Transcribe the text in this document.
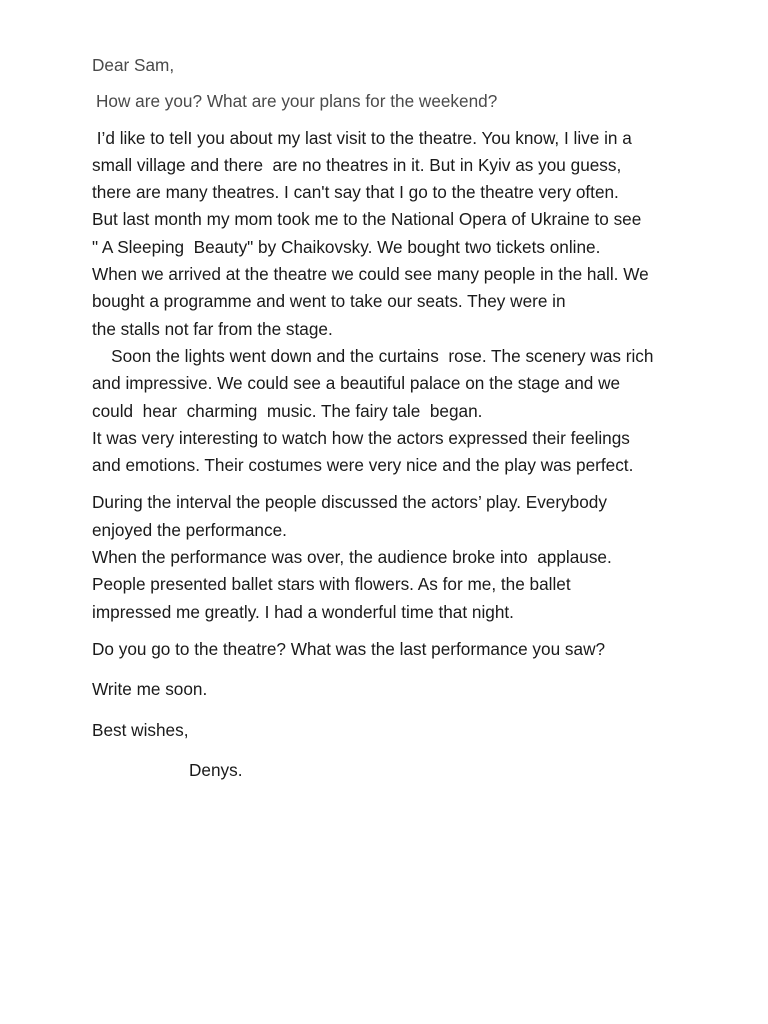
Dear Sam,

How are you? What are your plans for the weekend?

I’d like to telI you about my last visit to the theatre. You know, I live in a
small village and there  are no theatres in it. But in Kyiv as you guess,
there are many theatres. I can't say that I go to the theatre very often.
But last month my mom took me to the National Opera of Ukraine to see
" A Sleeping  Beauty" by Chaikovsky. We bought two tickets online.
When we arrived at the theatre we could see many people in the hall. We
bought a programme and went to take our seats. They were in
the stalls not far from the stage.
Soon the lights went down and the curtains  rose. The scenery was rich
and impressive. We could see a beautiful palace on the stage and we
could  hear  charming  music. The fairy tale  began.
It was very interesting to watch how the actors expressed their feelings
and emotions. Their costumes were very nice and the play was perfect.
During the interval the people discussed the actors’ play. Everybody
enjoyed the performance.
When the performance was over, the audience broke into  applause.
People presented ballet stars with flowers. As for me, the ballet
impressed me greatly. I had a wonderful time that night.

Do you go to the theatre? What was the last performance you saw?

Write me soon.

Best wishes,

Denys.
